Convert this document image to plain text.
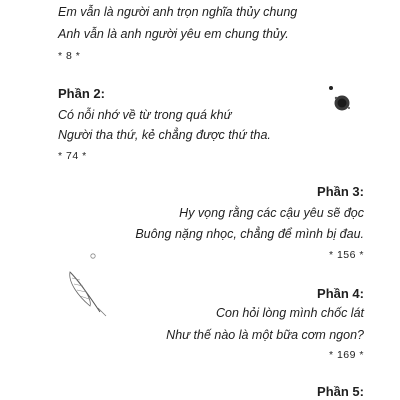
Em vẫn là người anh trọn nghĩa thủy chung
Anh vẫn là anh người yêu em chung thủy.
* 8 *
Phần 2:
Có nỗi nhớ về từ trong quá khứ
Người tha thứ, kẻ chẳng được thứ tha.
* 74 *
Phần 3:
Hy vọng rằng các cậu yêu sẽ đọc
Buông nặng nhọc, chẳng để mình bị đau.
* 156 *
Phần 4:
Con hỏi lòng mình chốc lát
Như thế nào là một bữa cơm ngon?
* 169 *
Phần 5:
